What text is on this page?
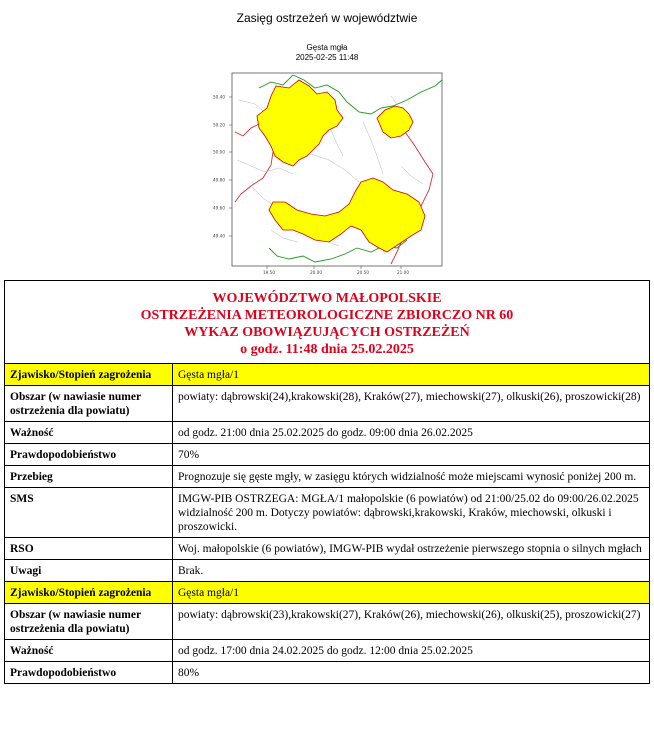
Zasięg ostrzeżeń w województwie
Gęsta mgła
2025-02-25 11:48
50.40
50.20
50.00
49.80
49.60
49.40
19.50	20.00	20.50	21.00
WOJEWÓDZTWO MAŁOPOLSKIE
OSTRZEŻENIA METEOROLOGICZNE ZBIORCZO NR 60
WYKAZ OBOWIĄZUJĄCYCH OSTRZEŻEŃ
o godz. 11:48 dnia 25.02.2025
Zjawisko/Stopień zagrożenia	Gęsta mgła/1
Obszar (w nawiasie numer ostrzeżenia dla powiatu)	powiaty: dąbrowski(24),krakowski(28), Kraków(27), miechowski(27), olkuski(26), proszowicki(28)
Ważność	od godz. 21:00 dnia 25.02.2025 do godz. 09:00 dnia 26.02.2025
Prawdopodobieństwo	70%
Przebieg	Prognozuje się gęste mgły, w zasięgu których widzialność może miejscami wynosić poniżej 200 m.
SMS	IMGW-PIB OSTRZEGA: MGŁA/1 małopolskie (6 powiatów) od 21:00/25.02 do 09:00/26.02.2025 widzialność 200 m. Dotyczy powiatów: dąbrowski,krakowski, Kraków, miechowski, olkuski i proszowicki.
RSO	Woj. małopolskie (6 powiatów), IMGW-PIB wydał ostrzeżenie pierwszego stopnia o silnych mgłach
Uwagi	Brak.
Zjawisko/Stopień zagrożenia	Gęsta mgła/1
Obszar (w nawiasie numer ostrzeżenia dla powiatu)	powiaty: dąbrowski(23),krakowski(27), Kraków(26), miechowski(26), olkuski(25), proszowicki(27)
Ważność	od godz. 17:00 dnia 24.02.2025 do godz. 12:00 dnia 25.02.2025
Prawdopodobieństwo	80%
